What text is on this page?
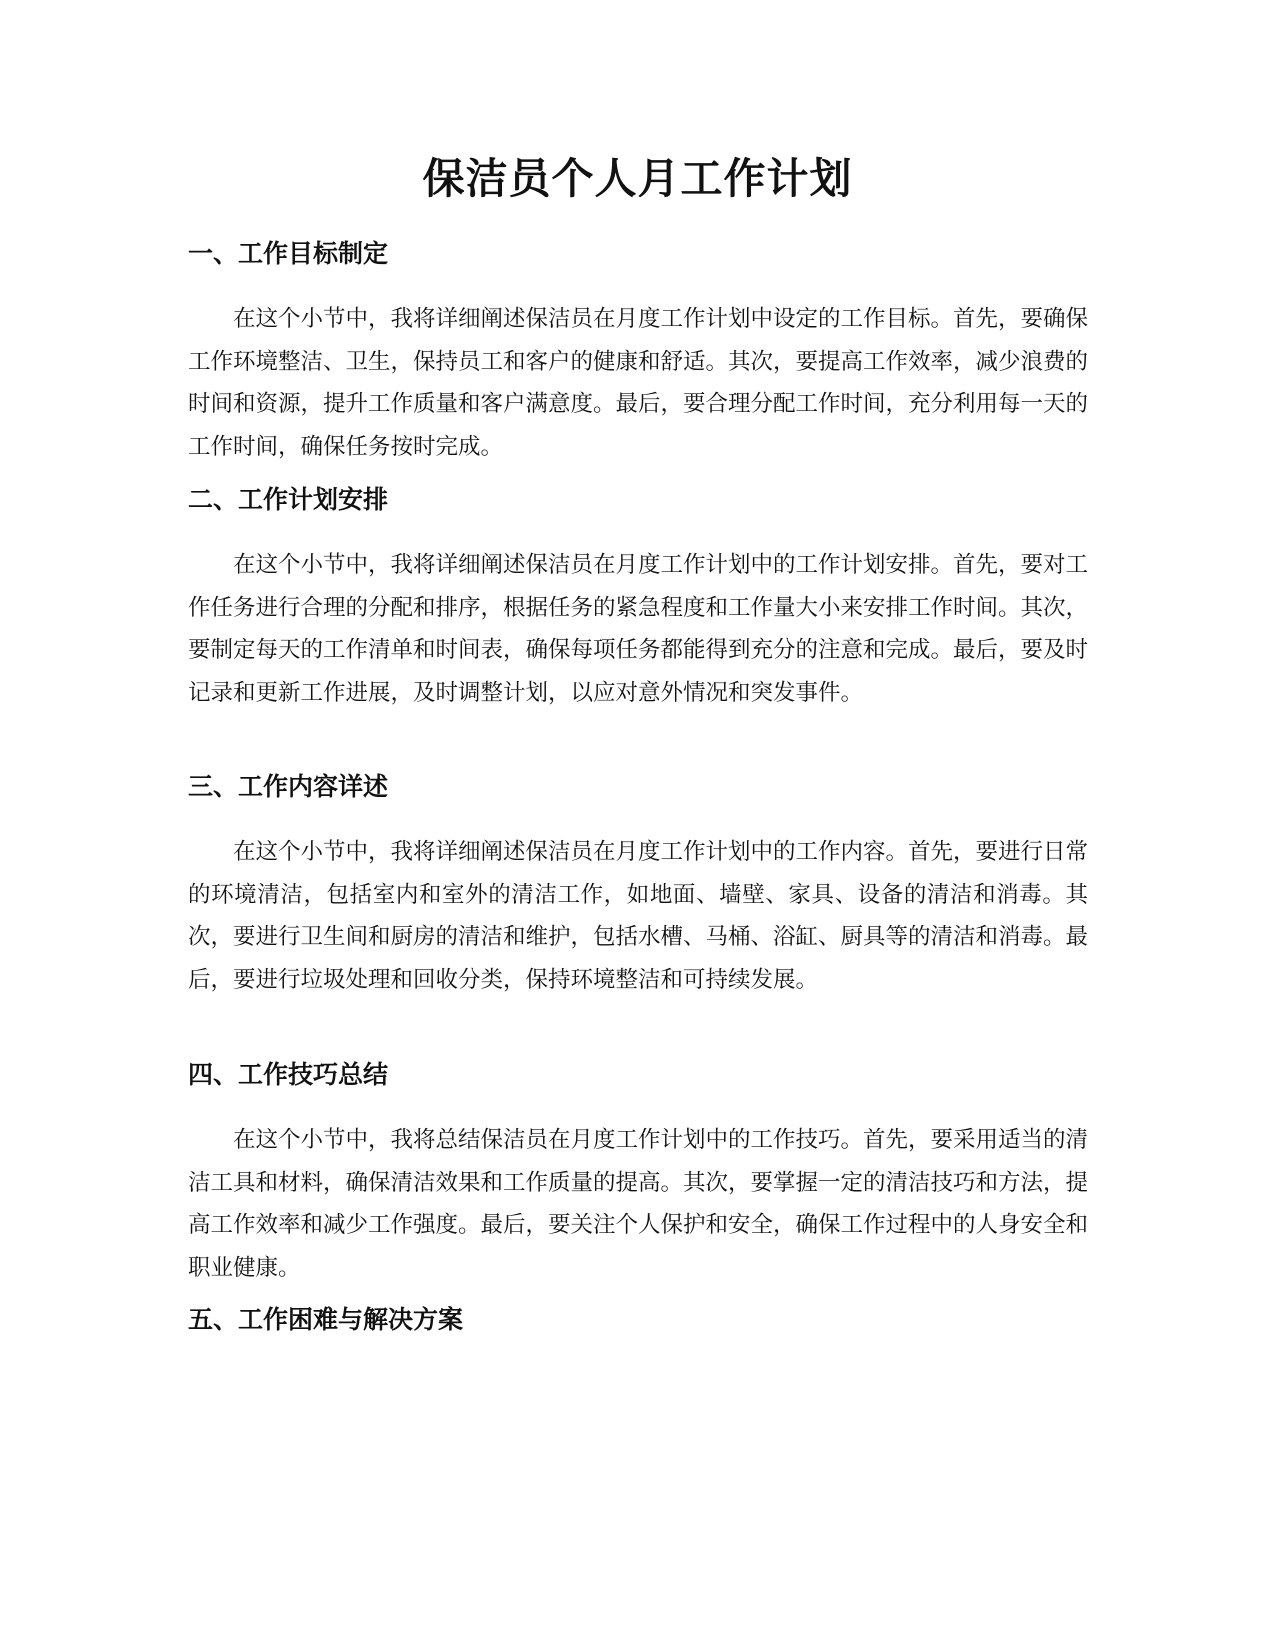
保洁员个人月工作计划
一、工作目标制定

在这个小节中，我将详细阐述保洁员在月度工作计划中设定的工作目标。首先，要确保工作环境整洁、卫生，保持员工和客户的健康和舒适。其次，要提高工作效率，减少浪费的时间和资源，提升工作质量和客户满意度。最后，要合理分配工作时间，充分利用每一天的工作时间，确保任务按时完成。

二、工作计划安排

在这个小节中，我将详细阐述保洁员在月度工作计划中的工作计划安排。首先，要对工作任务进行合理的分配和排序，根据任务的紧急程度和工作量大小来安排工作时间。其次，要制定每天的工作清单和时间表，确保每项任务都能得到充分的注意和完成。最后，要及时记录和更新工作进展，及时调整计划，以应对意外情况和突发事件。

三、工作内容详述

在这个小节中，我将详细阐述保洁员在月度工作计划中的工作内容。首先，要进行日常的环境清洁，包括室内和室外的清洁工作，如地面、墙壁、家具、设备的清洁和消毒。其次，要进行卫生间和厨房的清洁和维护，包括水槽、马桶、浴缸、厨具等的清洁和消毒。最后，要进行垃圾处理和回收分类，保持环境整洁和可持续发展。

四、工作技巧总结

在这个小节中，我将总结保洁员在月度工作计划中的工作技巧。首先，要采用适当的清洁工具和材料，确保清洁效果和工作质量的提高。其次，要掌握一定的清洁技巧和方法，提高工作效率和减少工作强度。最后，要关注个人保护和安全，确保工作过程中的人身安全和职业健康。

五、工作困难与解决方案
